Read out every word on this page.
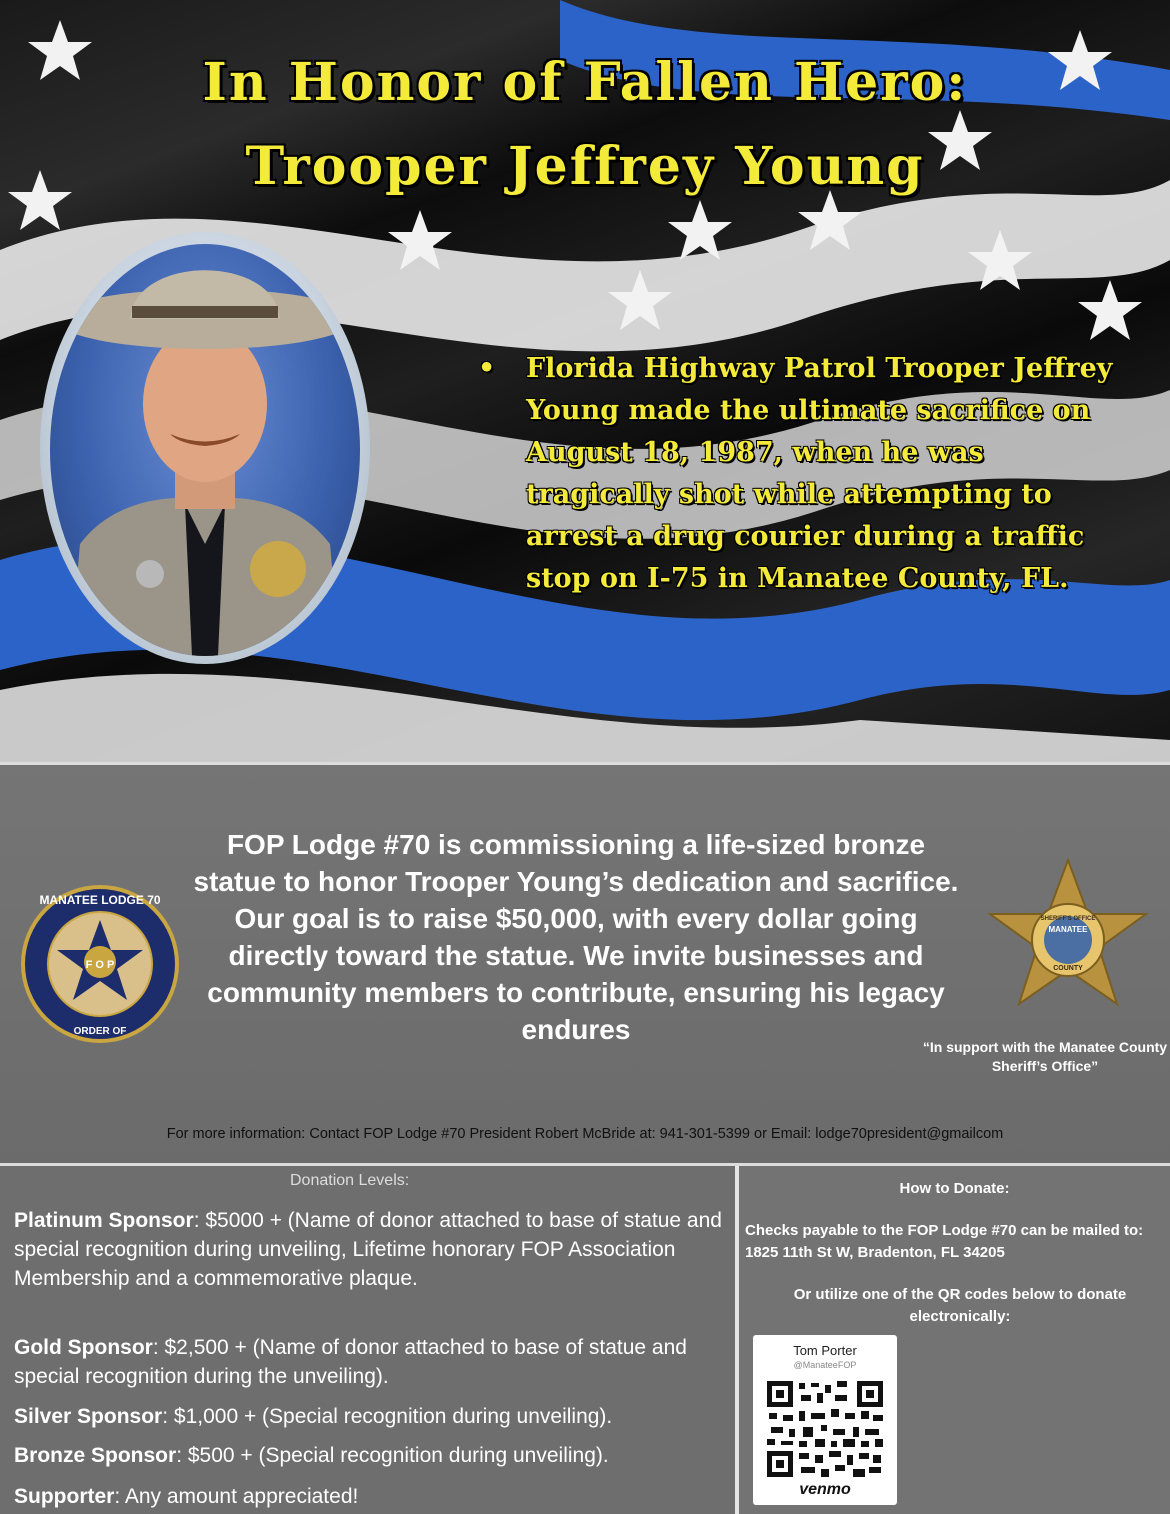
In Honor of Fallen Hero:
Trooper Jeffrey Young
• Florida Highway Patrol Trooper Jeffrey Young made the ultimate sacrifice on August 18, 1987, when he was tragically shot while attempting to arrest a drug courier during a traffic stop on I-75 in Manatee County, FL.
MANATEE LODGE 70
ORDER OF
F O P
FOP Lodge #70 is commissioning a life-sized bronze statue to honor Trooper Young’s dedication and sacrifice. Our goal is to raise $50,000, with every dollar going directly toward the statue. We invite businesses and community members to contribute, ensuring his legacy endures
SHERIFF'S OFFICE
MANATEE
COUNTY
“In support with the Manatee County Sheriff’s Office”
For more information: Contact FOP Lodge #70 President Robert McBride at: 941-301-5399 or Email: lodge70president@gmailcom
Donation Levels:
Platinum Sponsor: $5000 + (Name of donor attached to base of statue and special recognition during unveiling, Lifetime honorary FOP Association Membership and a commemorative plaque.
Gold Sponsor: $2,500 + (Name of donor attached to base of statue and special recognition during the unveiling).
Silver Sponsor: $1,000 + (Special recognition during unveiling).
Bronze Sponsor: $500 + (Special recognition during unveiling).
Supporter: Any amount appreciated!
How to Donate:
Checks payable to the FOP Lodge #70 can be mailed to: 1825 11th St W, Bradenton, FL 34205
Or utilize one of the QR codes below to donate electronically:
Tom Porter
@ManateeFOP
venmo
